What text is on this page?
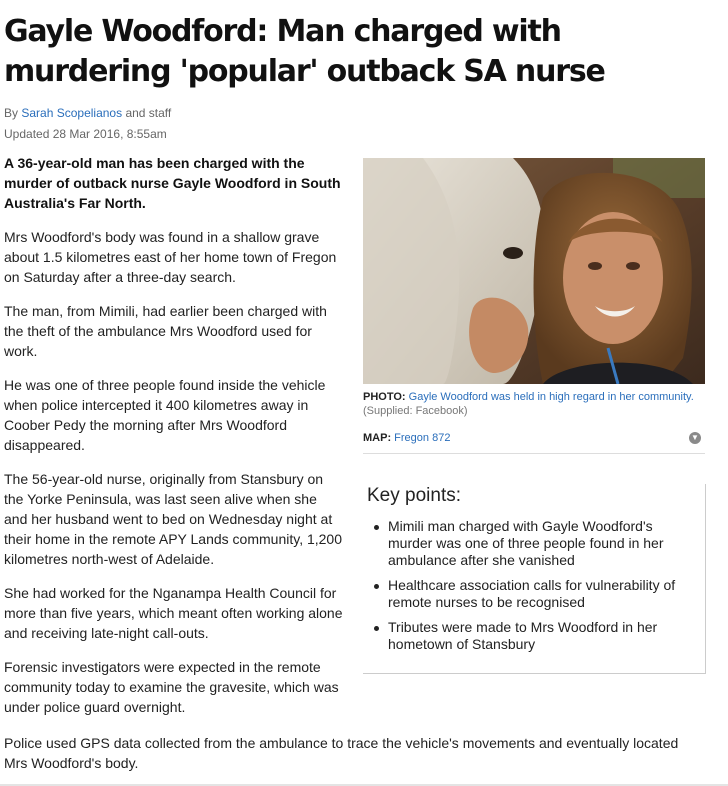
Gayle Woodford: Man charged with murdering 'popular' outback SA nurse
By Sarah Scopelianos and staff
Updated 28 Mar 2016, 8:55am

A 36-year-old man has been charged with the murder of outback nurse Gayle Woodford in South Australia's Far North.

Mrs Woodford's body was found in a shallow grave about 1.5 kilometres east of her home town of Fregon on Saturday after a three-day search.

The man, from Mimili, had earlier been charged with the theft of the ambulance Mrs Woodford used for work.

He was one of three people found inside the vehicle when police intercepted it 400 kilometres away in Coober Pedy the morning after Mrs Woodford disappeared.

The 56-year-old nurse, originally from Stansbury on the Yorke Peninsula, was last seen alive when she and her husband went to bed on Wednesday night at their home in the remote APY Lands community, 1,200 kilometres north-west of Adelaide.

She had worked for the Nganampa Health Council for more than five years, which meant often working alone and receiving late-night call-outs.

Forensic investigators were expected in the remote community today to examine the gravesite, which was under police guard overnight.

Police used GPS data collected from the ambulance to trace the vehicle's movements and eventually located Mrs Woodford's body.

PHOTO: Gayle Woodford was held in high regard in her community. (Supplied: Facebook)
MAP: Fregon 872	▼
Key points:
Mimili man charged with Gayle Woodford's murder was one of three people found in her ambulance after she vanished
Healthcare association calls for vulnerability of remote nurses to be recognised
Tributes were made to Mrs Woodford in her hometown of Stansbury
